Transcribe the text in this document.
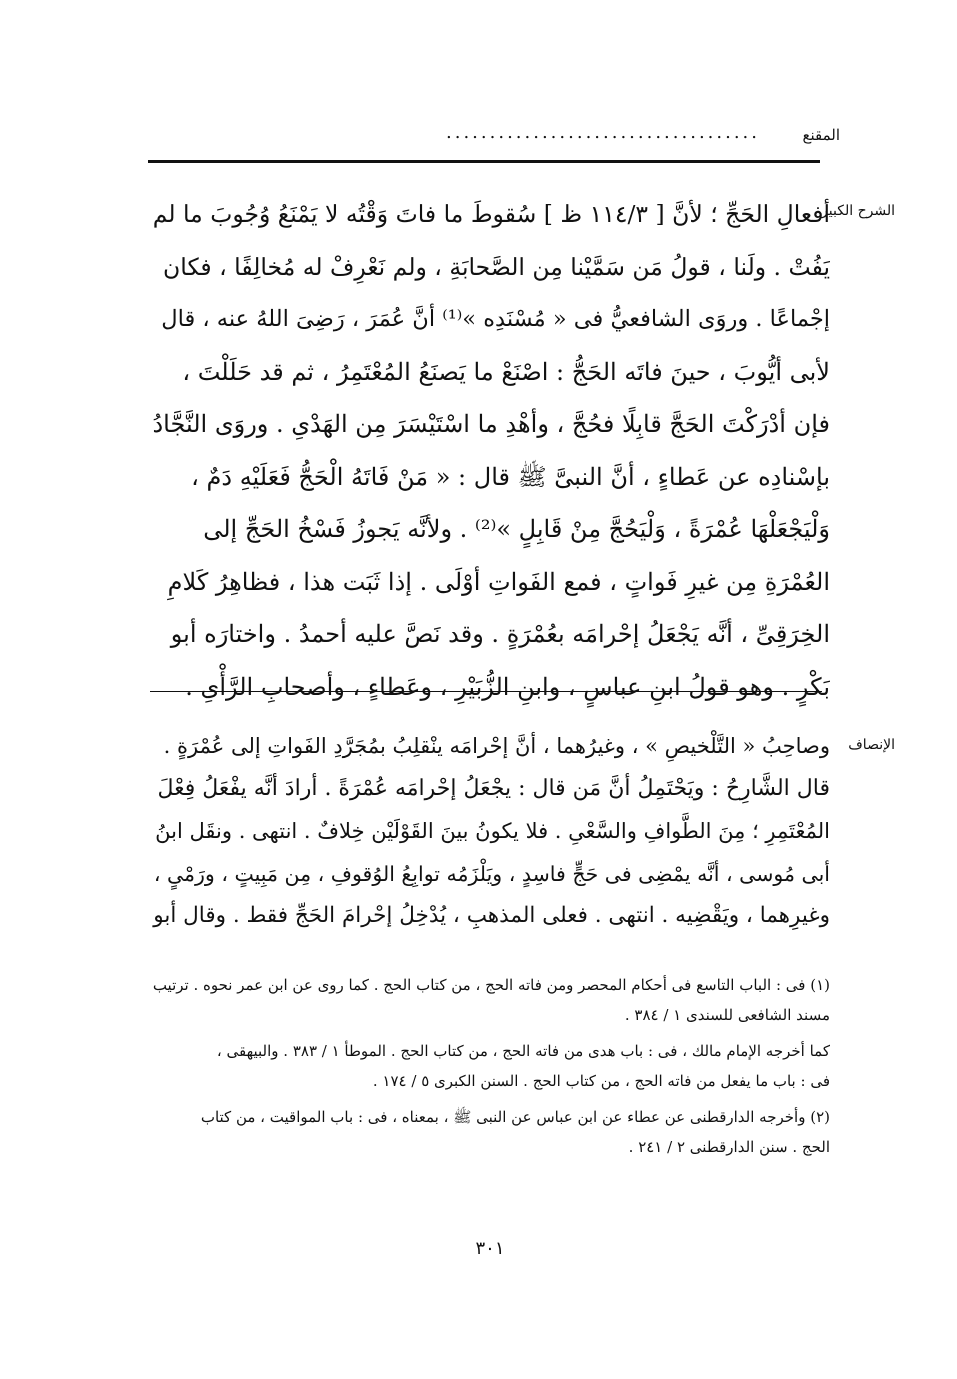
المقنع
....................................
الشرح الكبير
أفعالِ الحَجِّ ؛ لأنَّ [ ١١٤/٣ ظ ] سُقوطَ ما فاتَ وَقْتُه لا يَمْنَعُ وُجُوبَ ما لم
يَفُتْ . ولَنا ، قولُ مَن سَمَّيْنا مِن الصَّحابَةِ ، ولم نَعْرِفْ له مُخالِفًا ، فكان
إجْماعًا . وروَى الشافعيُّ فى « مُسْنَدِه »⁽¹⁾ أنَّ عُمَرَ ، رَضِىَ اللهُ عنه ، قال
لأبى أيُّوبَ ، حينَ فاتَه الحَجُّ : اصْنَعْ ما يَصنَعُ المُعْتَمِرُ ، ثم قد حَلَلْتَ ،
فإن أدْرَكْتَ الحَجَّ قابِلًا فحُجَّ ، وأهْدِ ما اسْتَيْسَرَ مِن الهَدْىِ . وروَى النَّجَّادُ
بإسْنادِه عن عَطاءٍ ، أنَّ النبىَّ ﷺ قال : « مَنْ فَاتَهُ الْحَجُّ فَعَلَيْهِ دَمٌ ،
وَلْيَجْعَلْهَا عُمْرَةً ، وَلْيَحُجَّ مِنْ قَابِلٍ »⁽²⁾ . ولأنَّه يَجوزُ فَسْخُ الحَجِّ إلى
العُمْرَةِ مِن غيرِ فَواتٍ ، فمع الفَواتِ أوْلَى . إذا ثَبَت هذا ، فظاهِرُ كَلامِ
الخِرَقِىِّ ، أنَّه يَجْعَلُ إحْرامَه بعُمْرَةٍ . وقد نَصَّ عليه أحمدُ . واختارَه أبو
بَكْرٍ . وهو قولُ ابنِ عباسٍ ، وابنِ الزُّبَيْرِ ، وعَطاءٍ ، وأصحابِ الرَّأْىِ .
الإنصاف
وصاحِبُ « التَّلْخيصِ » ، وغيرُهما ، أنَّ إحْرامَه ينْقلِبُ بمُجَرَّدِ الفَواتِ إلى عُمْرَةٍ .
قال الشَّارِحُ : ويَحْتَمِلُ أنَّ مَن قال : يجْعَلُ إحْرامَه عُمْرَةً . أرادَ أنَّه يفْعَلُ فِعْلَ
المُعْتَمِرِ ؛ مِنَ الطَّوافِ والسَّعْىِ . فلا يكونُ بينَ القَوْلَيْن خِلافٌ . انتهى . ونقَل ابنُ
أبى مُوسى ، أنَّه يمْضِى فى حَجٍّ فاسِدٍ ، ويَلْزَمُه توابِعُ الوُقوفِ ، مِن مَبِيتٍ ، ورَمْىٍ ،
وغيرِهما ، ويَقْضِيه . انتهى . فعلى المذهبِ ، يُدْخِلُ إحْرامَ الحَجِّ فقط . وقال أبو
(١) فى : الباب التاسع فى أحكام المحصر ومن فاته الحج ، من كتاب الحج . كما روى عن ابن عمر نحوه . ترتيب
مسند الشافعى للسندى ١ / ٣٨٤ .
كما أخرجه الإمام مالك ، فى : باب هدى من فاته الحج ، من كتاب الحج . الموطأ ١ / ٣٨٣ . والبيهقى ،
فى : باب ما يفعل من فاته الحج ، من كتاب الحج . السنن الكبرى ٥ / ١٧٤ .
(٢) وأخرجه الدارقطنى عن عطاء عن ابن عباس عن النبى ﷺ ، بمعناه ، فى : باب المواقيت ، من كتاب
الحج . سنن الدارقطنى ٢ / ٢٤١ .
٣٠١
